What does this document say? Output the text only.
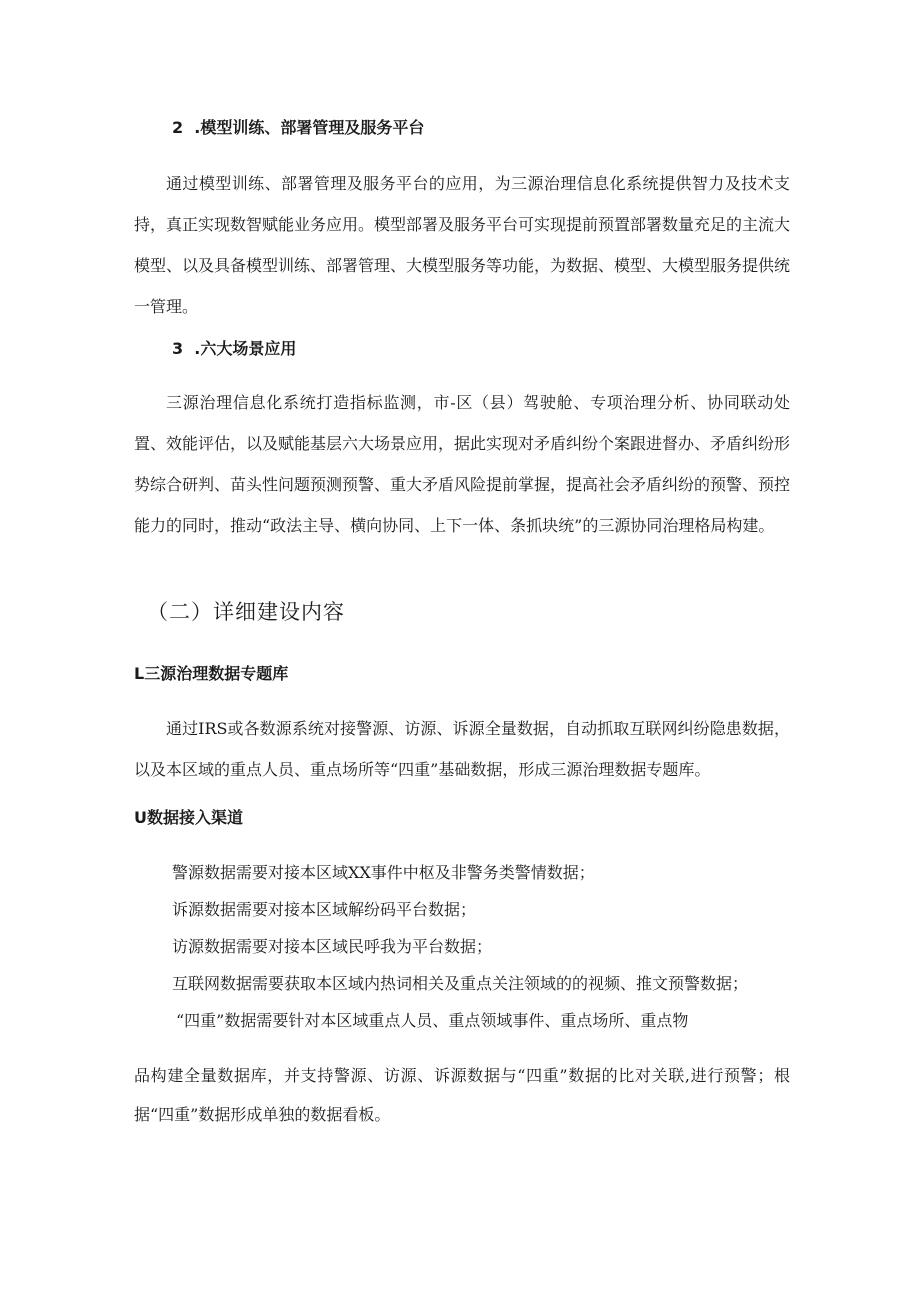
2  .模型训练、部署管理及服务平台

通过模型训练、部署管理及服务平台的应用，为三源治理信息化系统提供智力及技术支持，真正实现数智赋能业务应用。模型部署及服务平台可实现提前预置部署数量充足的主流大模型、以及具备模型训练、部署管理、大模型服务等功能，为数据、模型、大模型服务提供统一管理。

3  .六大场景应用

三源治理信息化系统打造指标监测，市-区（县）驾驶舱、专项治理分析、协同联动处置、效能评估，以及赋能基层六大场景应用，据此实现对矛盾纠纷个案跟进督办、矛盾纠纷形势综合研判、苗头性问题预测预警、重大矛盾风险提前掌握，提高社会矛盾纠纷的预警、预控能力的同时，推动“政法主导、横向协同、上下一体、条抓块统”的三源协同治理格局构建。

（二）详细建设内容

L三源治理数据专题库

通过IRS或各数源系统对接警源、访源、诉源全量数据，自动抓取互联网纠纷隐患数据，以及本区域的重点人员、重点场所等“四重”基础数据，形成三源治理数据专题库。

U数据接入渠道

警源数据需要对接本区域XX事件中枢及非警务类警情数据；

诉源数据需要对接本区域解纷码平台数据；

访源数据需要对接本区域民呼我为平台数据；

互联网数据需要获取本区域内热词相关及重点关注领域的的视频、推文预警数据；

“四重”数据需要针对本区域重点人员、重点领域事件、重点场所、重点物

品构建全量数据库，并支持警源、访源、诉源数据与“四重”数据的比对关联,进行预警；根据“四重”数据形成单独的数据看板。
